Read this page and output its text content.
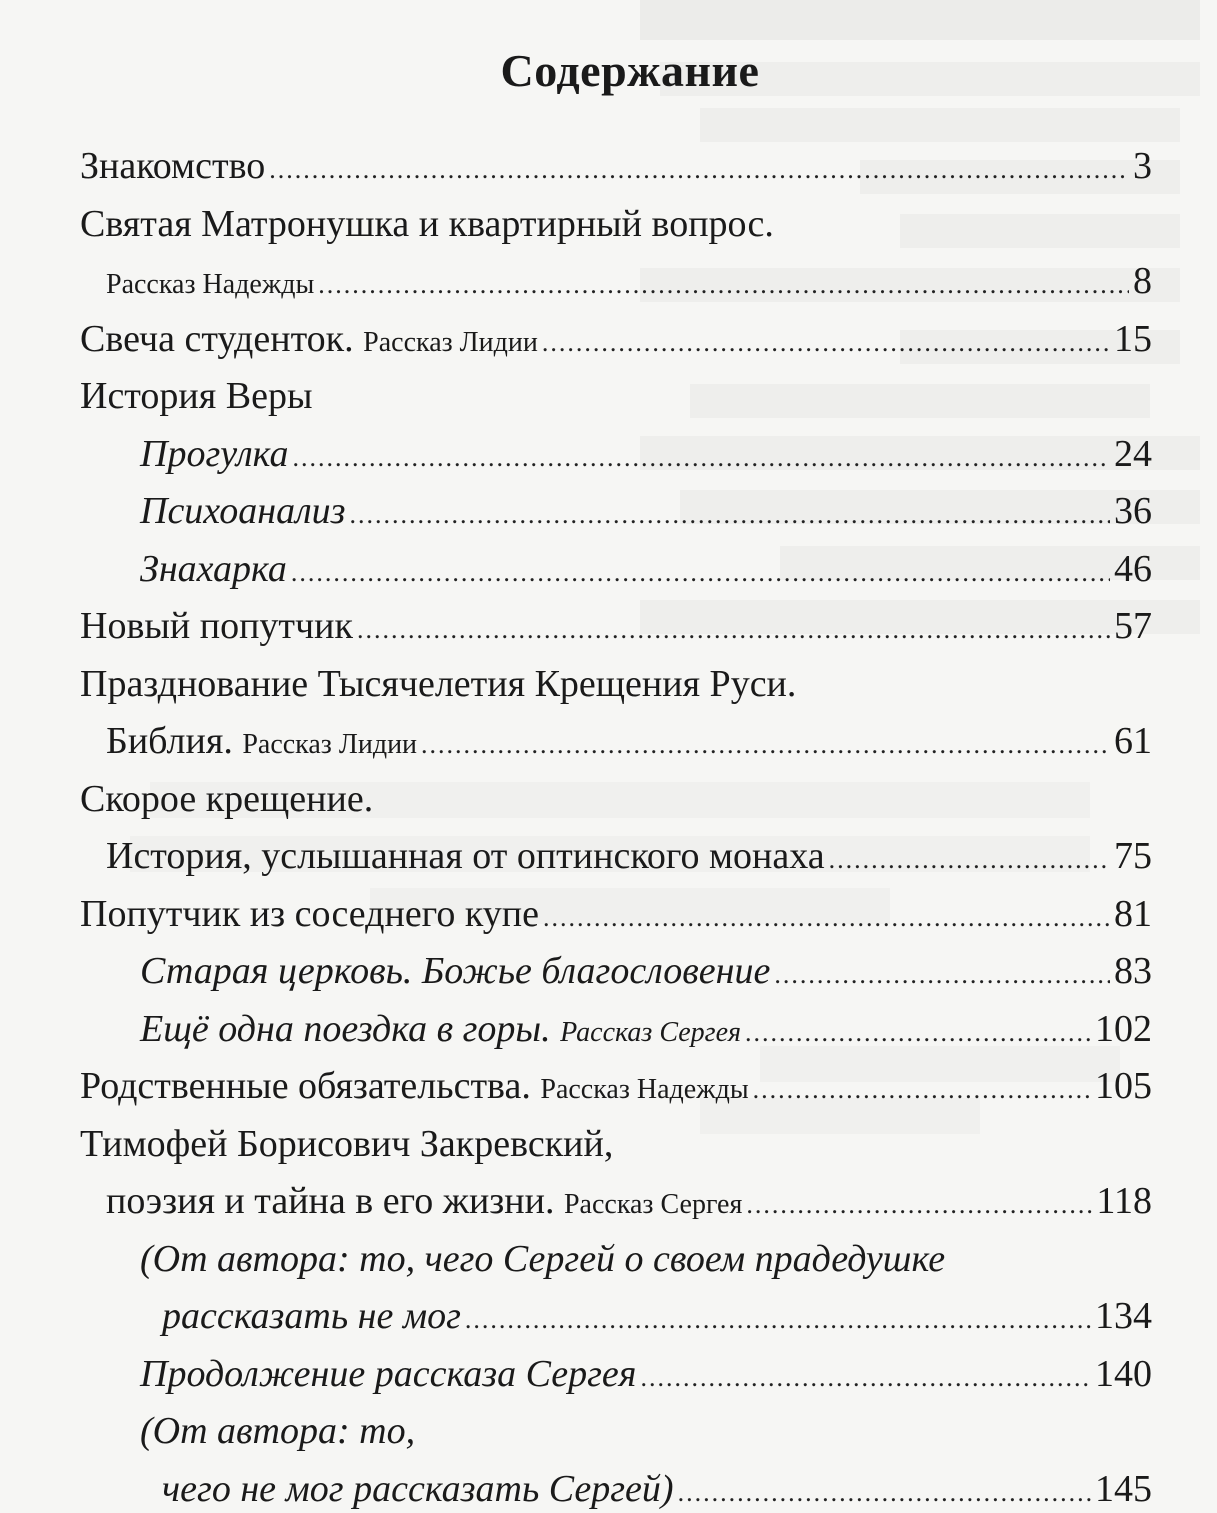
Содержание
Знакомство .....	3
Святая Матронушка и квартирный вопрос.
Рассказ Надежды .....	8
Свеча студенток. Рассказ Лидии .....	15
История Веры
Прогулка .....	24
Психоанализ .....	36
Знахарка .....	46
Новый попутчик .....	57
Празднование Тысячелетия Крещения Руси.
Библия. Рассказ Лидии .....	61
Скорое крещение.
История, услышанная от оптинского монаха .....	75
Попутчик из соседнего купе .....	81
Старая церковь. Божье благословение .....	83
Ещё одна поездка в горы. Рассказ Сергея .....	102
Родственные обязательства. Рассказ Надежды .....	105
Тимофей Борисович Закревский,
поэзия и тайна в его жизни. Рассказ Сергея .....	118
(От автора: то, чего Сергей о своем прадедушке
рассказать не мог .....	134
Продолжение рассказа Сергея .....	140
(От автора: то,
чего не мог рассказать Сергей) .....	145
